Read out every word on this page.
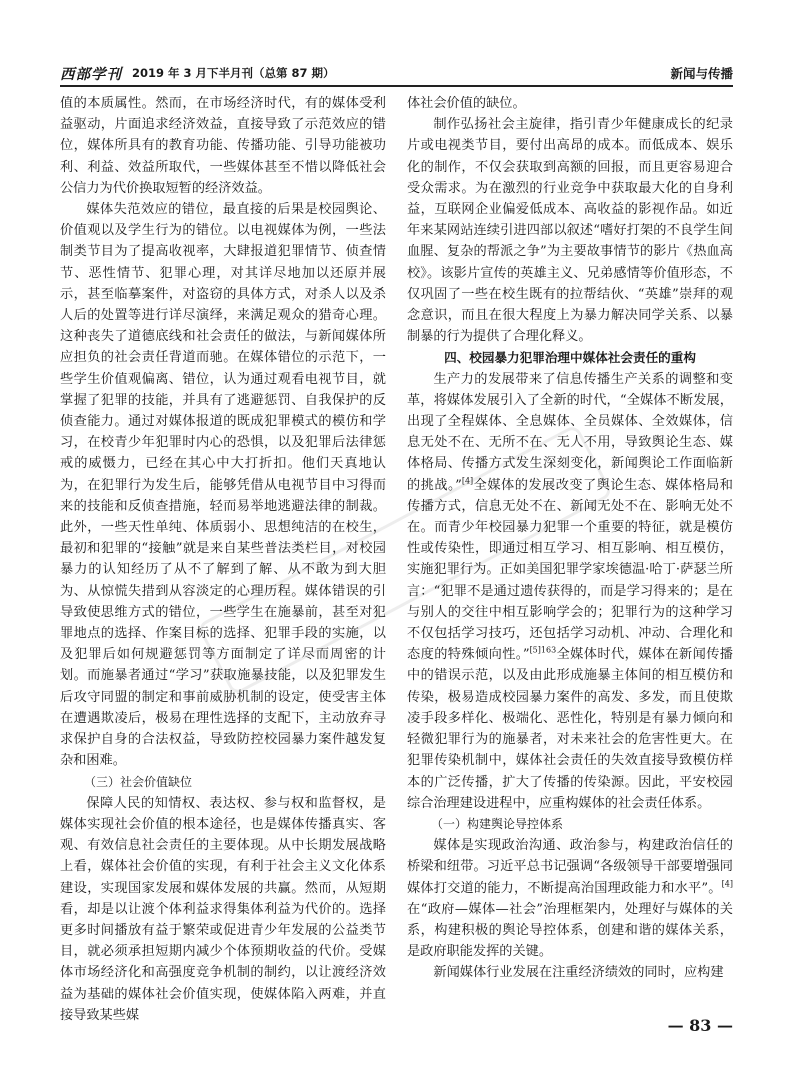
西部学刊 2019 年 3 月下半月刊（总第 87 期）	新闻与传播
值的本质属性。然而，在市场经济时代，有的媒体受利益驱动，片面追求经济效益，直接导致了示范效应的错位，媒体所具有的教育功能、传播功能、引导功能被功利、利益、效益所取代，一些媒体甚至不惜以降低社会公信力为代价换取短暂的经济效益。
媒体失范效应的错位，最直接的后果是校园舆论、价值观以及学生行为的错位。以电视媒体为例，一些法制类节目为了提高收视率，大肆报道犯罪情节、侦查情节、恶性情节、犯罪心理，对其详尽地加以还原并展示，甚至临摹案件，对盗窃的具体方式，对杀人以及杀人后的处置等进行详尽演绎，来满足观众的猎奇心理。这种丧失了道德底线和社会责任的做法，与新闻媒体所应担负的社会责任背道而驰。在媒体错位的示范下，一些学生价值观偏离、错位，认为通过观看电视节目，就掌握了犯罪的技能，并具有了逃避惩罚、自我保护的反侦查能力。通过对媒体报道的既成犯罪模式的模仿和学习，在校青少年犯罪时内心的恐惧，以及犯罪后法律惩戒的威慑力，已经在其心中大打折扣。他们天真地认为，在犯罪行为发生后，能够凭借从电视节目中习得而来的技能和反侦查措施，轻而易举地逃避法律的制裁。此外，一些天性单纯、体质弱小、思想纯洁的在校生，最初和犯罪的“接触”就是来自某些普法类栏目，对校园暴力的认知经历了从不了解到了解、从不敢为到大胆为、从惊慌失措到从容淡定的心理历程。媒体错误的引导致使思维方式的错位，一些学生在施暴前，甚至对犯罪地点的选择、作案目标的选择、犯罪手段的实施，以及犯罪后如何规避惩罚等方面制定了详尽而周密的计划。而施暴者通过“学习”获取施暴技能，以及犯罪发生后攻守同盟的制定和事前威胁机制的设定，使受害主体在遭遇欺凌后，极易在理性选择的支配下，主动放弃寻求保护自身的合法权益，导致防控校园暴力案件越发复杂和困难。
（三）社会价值缺位
保障人民的知情权、表达权、参与权和监督权，是媒体实现社会价值的根本途径，也是媒体传播真实、客观、有效信息社会责任的主要体现。从中长期发展战略上看，媒体社会价值的实现，有利于社会主义文化体系建设，实现国家发展和媒体发展的共赢。然而，从短期看，却是以让渡个体利益求得集体利益为代价的。选择更多时间播放有益于繁荣或促进青少年发展的公益类节目，就必须承担短期内减少个体预期收益的代价。受媒体市场经济化和高强度竞争机制的制约，以让渡经济效益为基础的媒体社会价值实现，使媒体陷入两难，并直接导致某些媒
体社会价值的缺位。
制作弘扬社会主旋律，指引青少年健康成长的纪录片或电视类节目，要付出高昂的成本。而低成本、娱乐化的制作，不仅会获取到高额的回报，而且更容易迎合受众需求。为在激烈的行业竞争中获取最大化的自身利益，互联网企业偏爱低成本、高收益的影视作品。如近年来某网站连续引进四部以叙述“嗜好打架的不良学生间血腥、复杂的帮派之争”为主要故事情节的影片《热血高校》。该影片宣传的英雄主义、兄弟感情等价值形态，不仅巩固了一些在校生既有的拉帮结伙、“英雄”崇拜的观念意识，而且在很大程度上为暴力解决同学关系、以暴制暴的行为提供了合理化释义。
四、校园暴力犯罪治理中媒体社会责任的重构
生产力的发展带来了信息传播生产关系的调整和变革，将媒体发展引入了全新的时代，“全媒体不断发展，出现了全程媒体、全息媒体、全员媒体、全效媒体，信息无处不在、无所不在、无人不用，导致舆论生态、媒体格局、传播方式发生深刻变化，新闻舆论工作面临新的挑战。”[4]全媒体的发展改变了舆论生态、媒体格局和传播方式，信息无处不在、新闻无处不在、影响无处不在。而青少年校园暴力犯罪一个重要的特征，就是模仿性或传染性，即通过相互学习、相互影响、相互模仿，实施犯罪行为。正如美国犯罪学家埃德温·哈丁·萨瑟兰所言：“犯罪不是通过遗传获得的，而是学习得来的；是在与别人的交往中相互影响学会的；犯罪行为的这种学习不仅包括学习技巧，还包括学习动机、冲动、合理化和态度的特殊倾向性。”$^{[5]163}$全媒体时代，媒体在新闻传播中的错误示范，以及由此形成施暴主体间的相互模仿和传染，极易造成校园暴力案件的高发、多发，而且使欺凌手段多样化、极端化、恶性化，特别是有暴力倾向和轻微犯罪行为的施暴者，对未来社会的危害性更大。在犯罪传染机制中，媒体社会责任的失效直接导致模仿样本的广泛传播，扩大了传播的传染源。因此，平安校园综合治理建设进程中，应重构媒体的社会责任体系。
（一）构建舆论导控体系
媒体是实现政治沟通、政治参与，构建政治信任的桥梁和纽带。习近平总书记强调“各级领导干部要增强同媒体打交道的能力，不断提高治国理政能力和水平”。[4]在“政府—媒体—社会”治理框架内，处理好与媒体的关系，构建积极的舆论导控体系，创建和谐的媒体关系，是政府职能发挥的关键。
新闻媒体行业发展在注重经济绩效的同时，应构建
— 83 —
